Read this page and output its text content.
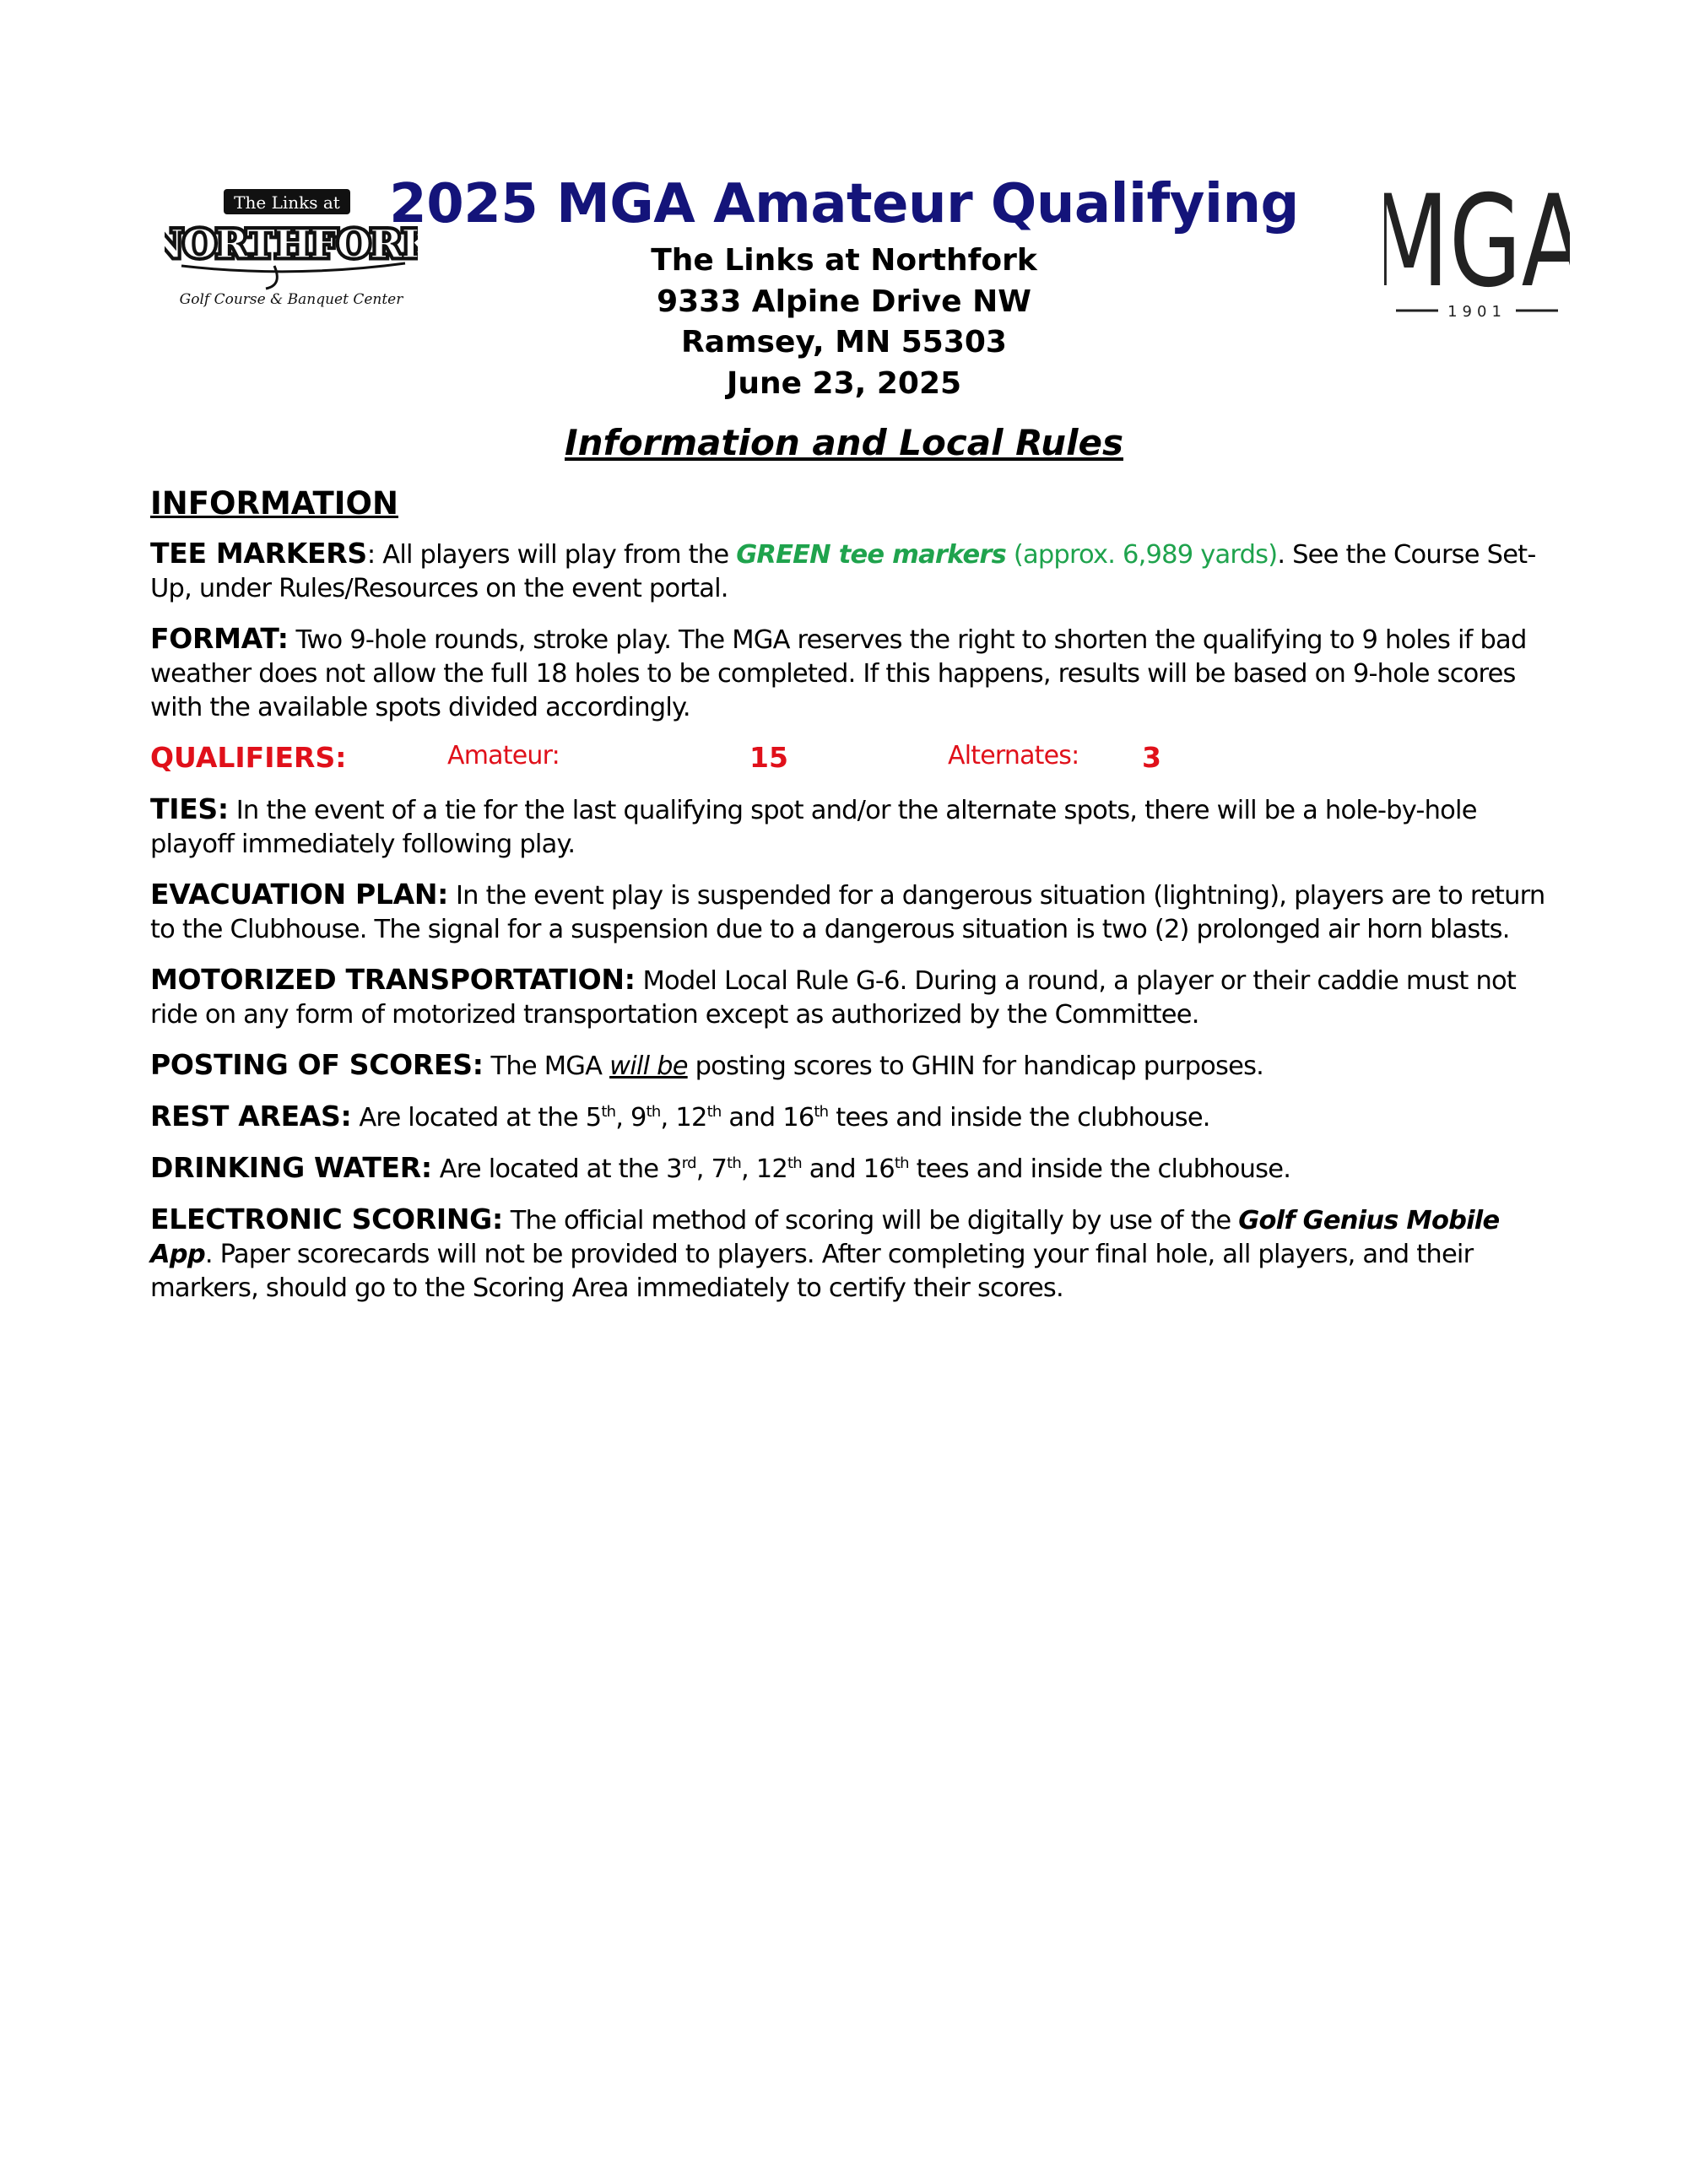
The Links at
NORTHFOR
NORTHFOR
Golf Course & Banquet Center	G
1901
2025 MGA Amateur Qualifying
The Links at Northfork
9333 Alpine Drive NW
Ramsey, MN 55303
June 23, 2025
Information and Local Rules
INFORMATION

TEE MARKERS: All players will play from the GREEN tee markers (approx. 6,989 yards). See the Course Set-Up, under Rules/Resources on the event portal.

FORMAT: Two 9-hole rounds, stroke play. The MGA reserves the right to shorten the qualifying to 9 holes if bad weather does not allow the full 18 holes to be completed. If this happens, results will be based on 9-hole scores with the available spots divided accordingly.

QUALIFIERS:	Amateur:	15	Alternates: 3

TIES: In the event of a tie for the last qualifying spot and/or the alternate spots, there will be a hole-by-hole playoff immediately following play.

EVACUATION PLAN: In the event play is suspended for a dangerous situation (lightning), players are to return to the Clubhouse. The signal for a suspension due to a dangerous situation is two (2) prolonged air horn blasts.

MOTORIZED TRANSPORTATION: Model Local Rule G-6. During a round, a player or their caddie must not ride on any form of motorized transportation except as authorized by the Committee.

POSTING OF SCORES: The MGA will be posting scores to GHIN for handicap purposes.

REST AREAS: Are located at the 5th, 9th, 12th and 16th tees and inside the clubhouse.

DRINKING WATER: Are located at the 3rd, 7th, 12th and 16th tees and inside the clubhouse.

ELECTRONIC SCORING: The official method of scoring will be digitally by use of the Golf Genius Mobile App. Paper scorecards will not be provided to players. After completing your final hole, all players, and their markers, should go to the Scoring Area immediately to certify their scores.
